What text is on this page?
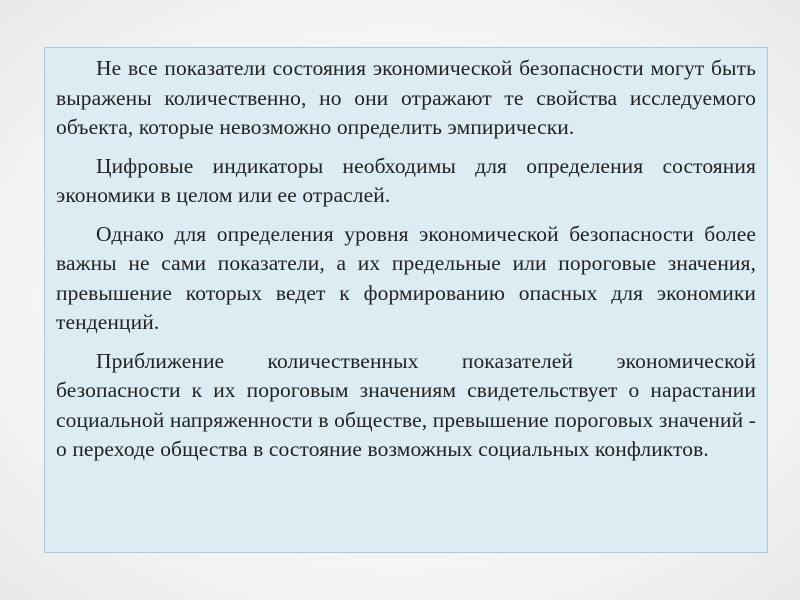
Не все показатели состояния экономической безопасности могут быть выражены количественно, но они отражают те свойства исследуемого объекта, которые невозможно определить эмпирически.

Цифровые индикаторы необходимы для определения состояния экономики в целом или ее отраслей.

Однако для определения уровня экономической безопасности более важны не сами показатели, а их предельные или пороговые значения, превышение которых ведет к формированию опасных для экономики тенденций.

Приближение количественных показателей экономической безопасности к их пороговым значениям свидетельствует о нарастании социальной напряженности в обществе, превышение пороговых значений - о переходе общества в состояние возможных социальных конфликтов.
